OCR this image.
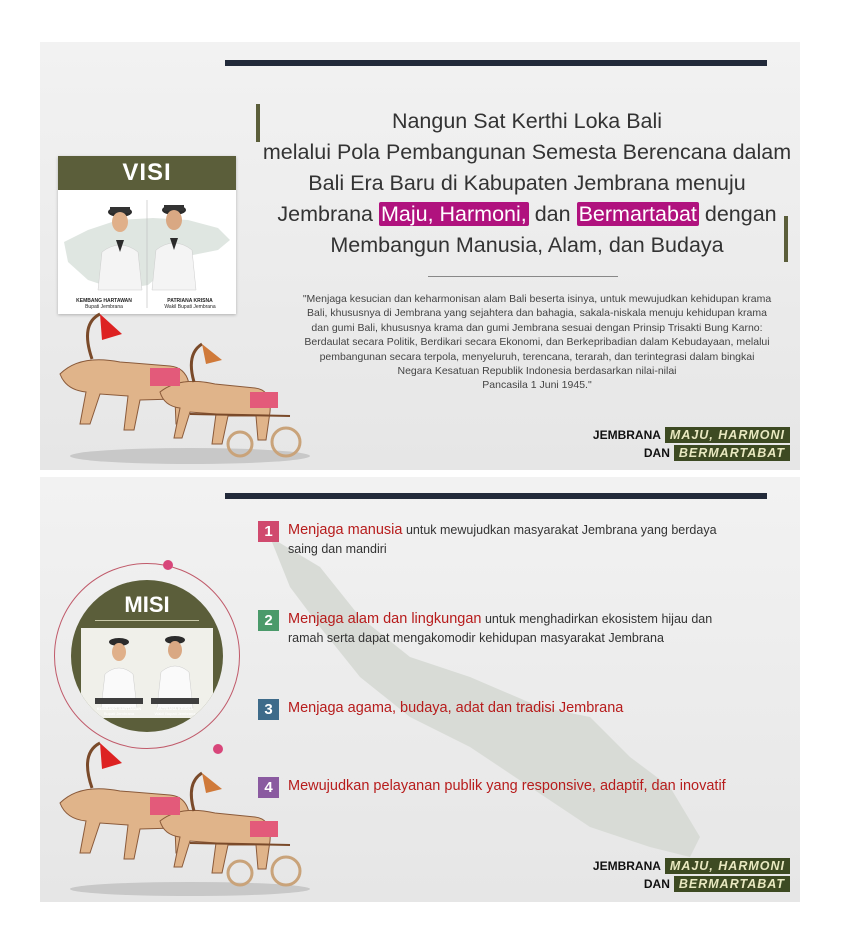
VISI
KEMBANG HARTAWAN
Bupati Jembrana
PATRIANA KRISNA
Wakil Bupati Jembrana
Nangun Sat Kerthi Loka Bali
melalui Pola Pembangunan Semesta Berencana dalam
Bali Era Baru di Kabupaten Jembrana menuju
Jembrana Maju, Harmoni, dan Bermartabat dengan
Membangun Manusia, Alam, dan Budaya
"Menjaga kesucian dan keharmonisan alam Bali beserta isinya, untuk mewujudkan kehidupan krama
Bali, khususnya di Jembrana yang sejahtera dan bahagia, sakala-niskala menuju kehidupan krama
dan gumi Bali, khususnya krama dan gumi Jembrana sesuai dengan Prinsip Trisakti Bung Karno:
Berdaulat secara Politik, Berdikari secara Ekonomi, dan Berkepribadian dalam Kebudayaan, melalui
pembangunan secara terpola, menyeluruh, terencana, terarah, dan terintegrasi dalam bingkai
Negara Kesatuan Republik Indonesia berdasarkan nilai-nilai
Pancasila 1 Juni 1945."
JEMBRANA MAJU, HARMONI
DAN BERMARTABAT
MISI
KEMBANG HARTAWAN
Bupati Jembrana
PATRIANA KRISNA
Wakil Bupati Jembrana
1	Menjaga manusia untuk mewujudkan masyarakat Jembrana yang berdaya saing dan mandiri
2	Menjaga alam dan lingkungan untuk menghadirkan ekosistem hijau dan ramah serta dapat mengakomodir kehidupan masyarakat Jembrana
3	Menjaga agama, budaya, adat dan tradisi Jembrana
4	Mewujudkan pelayanan publik yang responsive, adaptif, dan inovatif
JEMBRANA MAJU, HARMONI
DAN BERMARTABAT
